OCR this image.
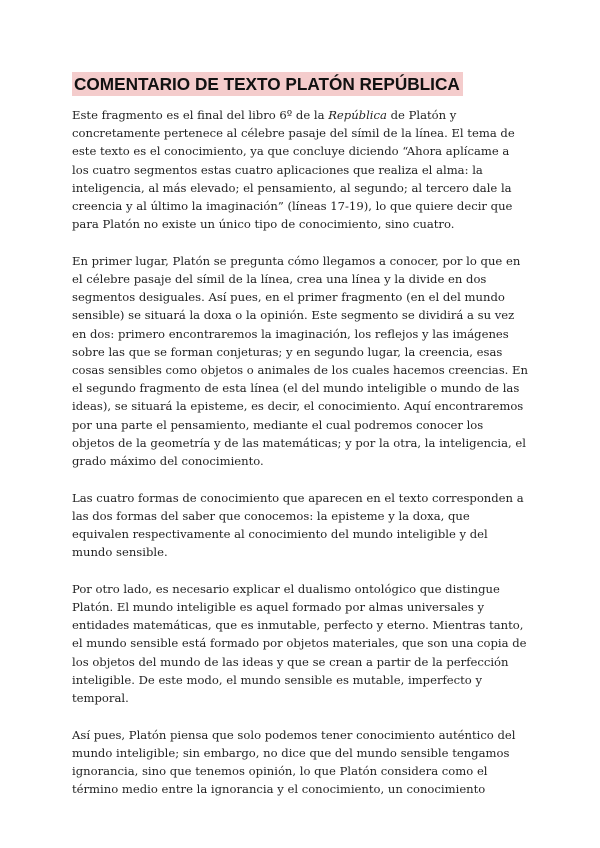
COMENTARIO DE TEXTO PLATÓN REPÚBLICA

Este fragmento es el final del libro 6º de la República de Platón y concretamente pertenece al célebre pasaje del símil de la línea. El tema de este texto es el conocimiento, ya que concluye diciendo “Ahora aplícame a los cuatro segmentos estas cuatro aplicaciones que realiza el alma: la inteligencia, al más elevado; el pensamiento, al segundo; al tercero dale la creencia y al último la imaginación” (líneas 17-19), lo que quiere decir que para Platón no existe un único tipo de conocimiento, sino cuatro.

En primer lugar, Platón se pregunta cómo llegamos a conocer, por lo que en el célebre pasaje del símil de la línea, crea una línea y la divide en dos segmentos desiguales. Así pues, en el primer fragmento (en el del mundo sensible) se situará la doxa o la opinión. Este segmento se dividirá a su vez en dos: primero encontraremos la imaginación, los reflejos y las imágenes sobre las que se forman conjeturas; y en segundo lugar, la creencia, esas cosas sensibles como objetos o animales de los cuales hacemos creencias. En el segundo fragmento de esta línea (el del mundo inteligible o mundo de las ideas), se situará la episteme, es decir, el conocimiento. Aquí encontraremos por una parte el pensamiento, mediante el cual podremos conocer los objetos de la geometría y de las matemáticas; y por la otra, la inteligencia, el grado máximo del conocimiento.

Las cuatro formas de conocimiento que aparecen en el texto corresponden a las dos formas del saber que conocemos: la episteme y la doxa, que equivalen respectivamente al conocimiento del mundo inteligible y del mundo sensible.

Por otro lado, es necesario explicar el dualismo ontológico que distingue Platón. El mundo inteligible es aquel formado por almas universales y entidades matemáticas, que es inmutable, perfecto y eterno. Mientras tanto, el mundo sensible está formado por objetos materiales, que son una copia de los objetos del mundo de las ideas y que se crean a partir de la perfección inteligible. De este modo, el mundo sensible es mutable, imperfecto y temporal.

Así pues, Platón piensa que solo podemos tener conocimiento auténtico del mundo inteligible; sin embargo, no dice que del mundo sensible tengamos ignorancia, sino que tenemos opinión, lo que Platón considera como el término medio entre la ignorancia y el conocimiento, un conocimiento
